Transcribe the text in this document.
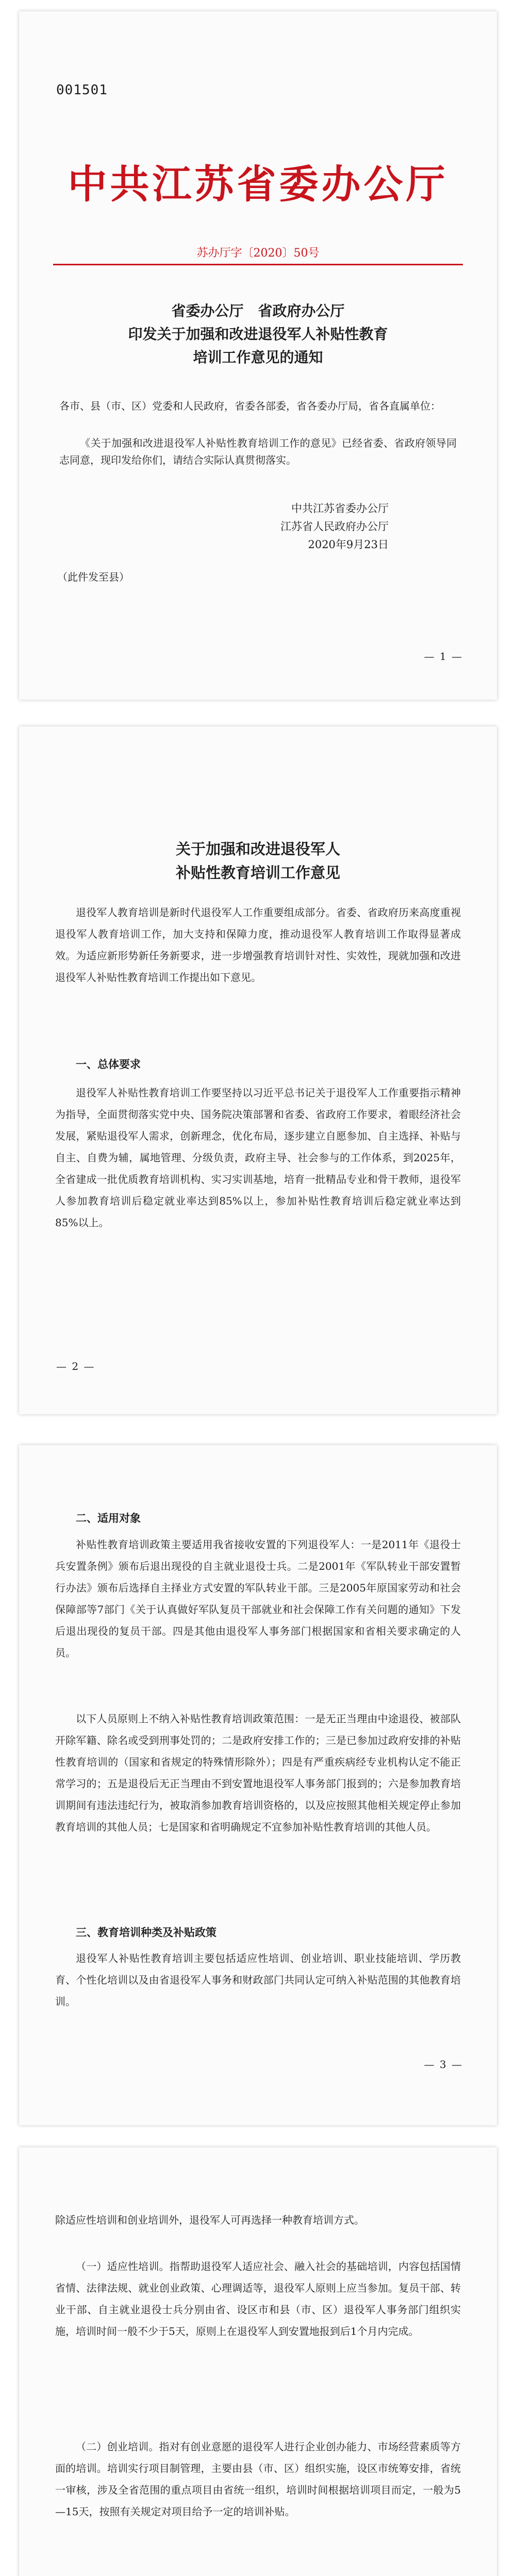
001501
中共江苏省委办公厅
苏办厅字〔2020〕50号
省委办公厅　省政府办公厅
印发关于加强和改进退役军人补贴性教育
培训工作意见的通知

各市、县（市、区）党委和人民政府，省委各部委，省各委办厅局，省各直属单位：

《关于加强和改进退役军人补贴性教育培训工作的意见》已经省委、省政府领导同志同意，现印发给你们，请结合实际认真贯彻落实。

中共江苏省委办公厅
江苏省人民政府办公厅
2020年9月23日
（此件发至县）
— 1 —
关于加强和改进退役军人
补贴性教育培训工作意见

退役军人教育培训是新时代退役军人工作重要组成部分。省委、省政府历来高度重视退役军人教育培训工作，加大支持和保障力度，推动退役军人教育培训工作取得显著成效。为适应新形势新任务新要求，进一步增强教育培训针对性、实效性，现就加强和改进退役军人补贴性教育培训工作提出如下意见。

一、总体要求

退役军人补贴性教育培训工作要坚持以习近平总书记关于退役军人工作重要指示精神为指导，全面贯彻落实党中央、国务院决策部署和省委、省政府工作要求，着眼经济社会发展，紧贴退役军人需求，创新理念，优化布局，逐步建立自愿参加、自主选择、补贴与自主、自费为辅，属地管理、分级负责，政府主导、社会参与的工作体系，到2025年，全省建成一批优质教育培训机构、实习实训基地，培育一批精品专业和骨干教师，退役军人参加教育培训后稳定就业率达到85%以上，参加补贴性教育培训后稳定就业率达到85%以上。

— 2 —
二、适用对象

补贴性教育培训政策主要适用我省接收安置的下列退役军人：一是2011年《退役士兵安置条例》颁布后退出现役的自主就业退役士兵。二是2001年《军队转业干部安置暂行办法》颁布后选择自主择业方式安置的军队转业干部。三是2005年原国家劳动和社会保障部等7部门《关于认真做好军队复员干部就业和社会保障工作有关问题的通知》下发后退出现役的复员干部。四是其他由退役军人事务部门根据国家和省相关要求确定的人员。

以下人员原则上不纳入补贴性教育培训政策范围：一是无正当理由中途退役、被部队开除军籍、除名或受到刑事处罚的；二是政府安排工作的；三是已参加过政府安排的补贴性教育培训的（国家和省规定的特殊情形除外）；四是有严重疾病经专业机构认定不能正常学习的；五是退役后无正当理由不到安置地退役军人事务部门报到的；六是参加教育培训期间有违法违纪行为，被取消参加教育培训资格的，以及应按照其他相关规定停止参加教育培训的其他人员；七是国家和省明确规定不宜参加补贴性教育培训的其他人员。

三、教育培训种类及补贴政策

退役军人补贴性教育培训主要包括适应性培训、创业培训、职业技能培训、学历教育、个性化培训以及由省退役军人事务和财政部门共同认定可纳入补贴范围的其他教育培训。

— 3 —

除适应性培训和创业培训外，退役军人可再选择一种教育培训方式。

（一）适应性培训。指帮助退役军人适应社会、融入社会的基础培训，内容包括国情省情、法律法规、就业创业政策、心理调适等，退役军人原则上应当参加。复员干部、转业干部、自主就业退役士兵分别由省、设区市和县（市、区）退役军人事务部门组织实施，培训时间一般不少于5天，原则上在退役军人到安置地报到后1个月内完成。

（二）创业培训。指对有创业意愿的退役军人进行企业创办能力、市场经营素质等方面的培训。培训实行项目制管理，主要由县（市、区）组织实施，设区市统筹安排，省统一审核，涉及全省范围的重点项目由省统一组织，培训时间根据培训项目而定，一般为5—15天，按照有关规定对项目给予一定的培训补贴。
